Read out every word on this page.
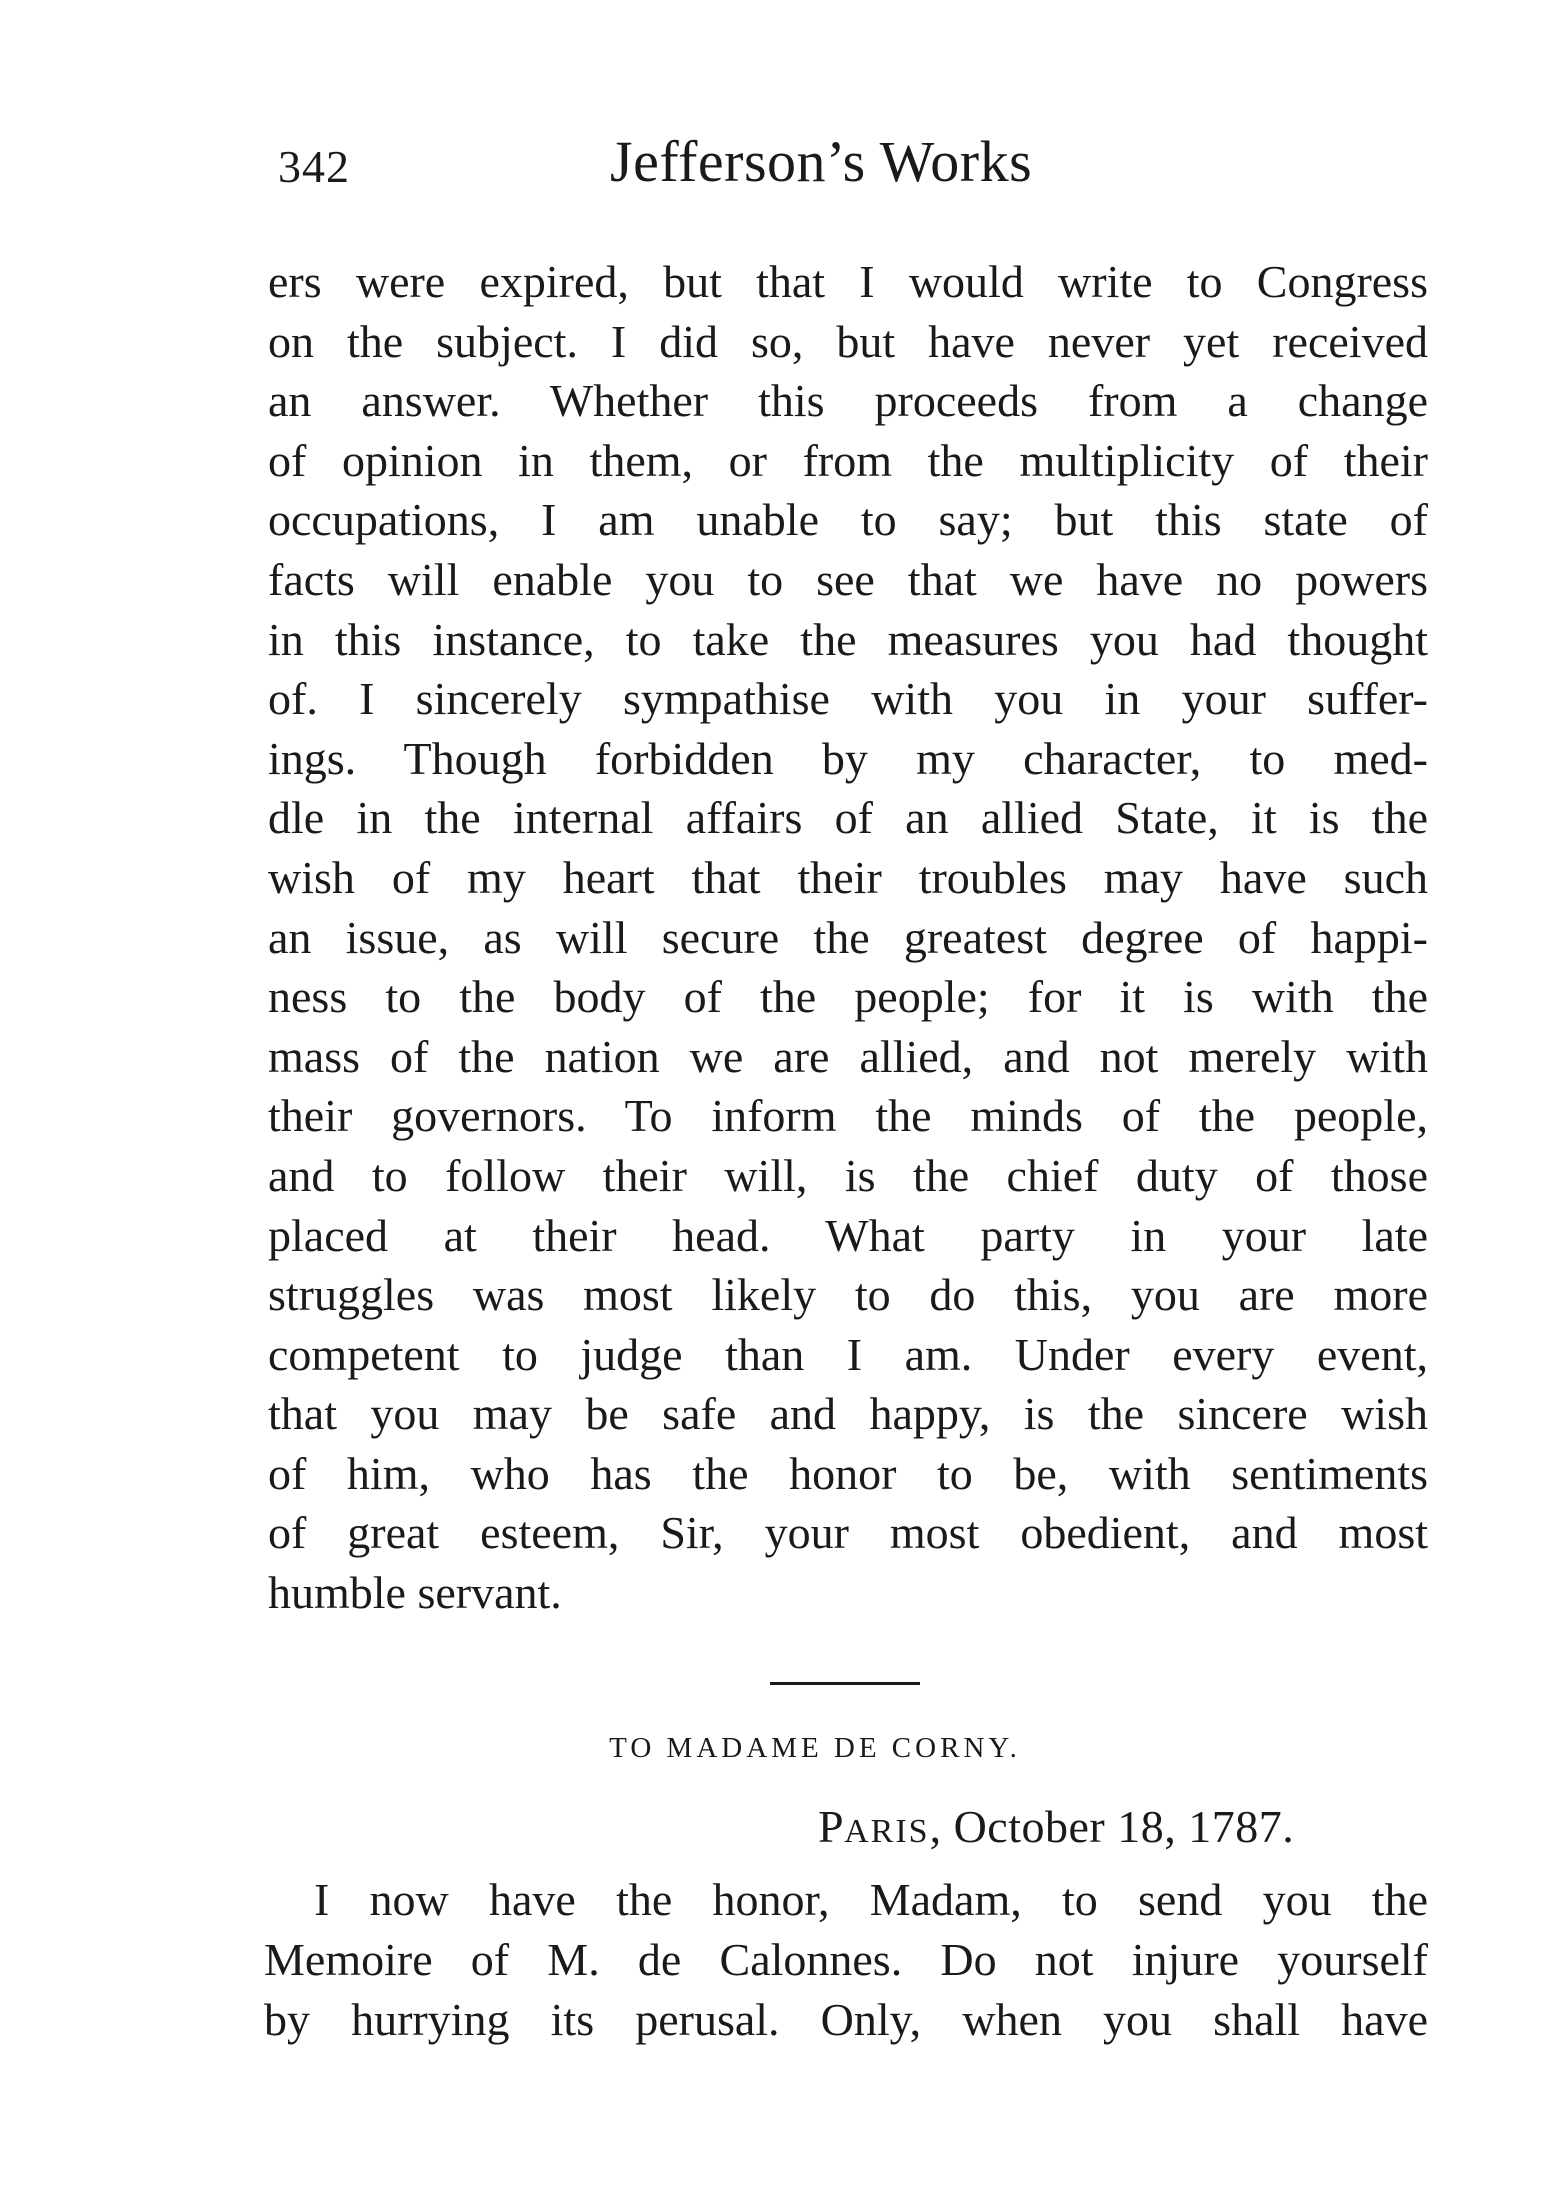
342	Jefferson’s Works
ers were expired, but that I would write to Congress
on the subject. I did so, but have never yet received
an answer. Whether this proceeds from a change
of opinion in them, or from the multiplicity of their
occupations, I am unable to say; but this state of
facts will enable you to see that we have no powers
in this instance, to take the measures you had thought
of. I sincerely sympathise with you in your suffer-
ings. Though forbidden by my character, to med-
dle in the internal affairs of an allied State, it is the
wish of my heart that their troubles may have such
an issue, as will secure the greatest degree of happi-
ness to the body of the people; for it is with the
mass of the nation we are allied, and not merely with
their governors. To inform the minds of the people,
and to follow their will, is the chief duty of those
placed at their head. What party in your late
struggles was most likely to do this, you are more
competent to judge than I am. Under every event,
that you may be safe and happy, is the sincere wish
of him, who has the honor to be, with sentiments
of great esteem, Sir, your most obedient, and most
humble servant.
TO MADAME DE CORNY.
PARIS, October 18, 1787.
I now have the honor, Madam, to send you the
Memoire of M. de Calonnes. Do not injure yourself
by hurrying its perusal. Only, when you shall have
